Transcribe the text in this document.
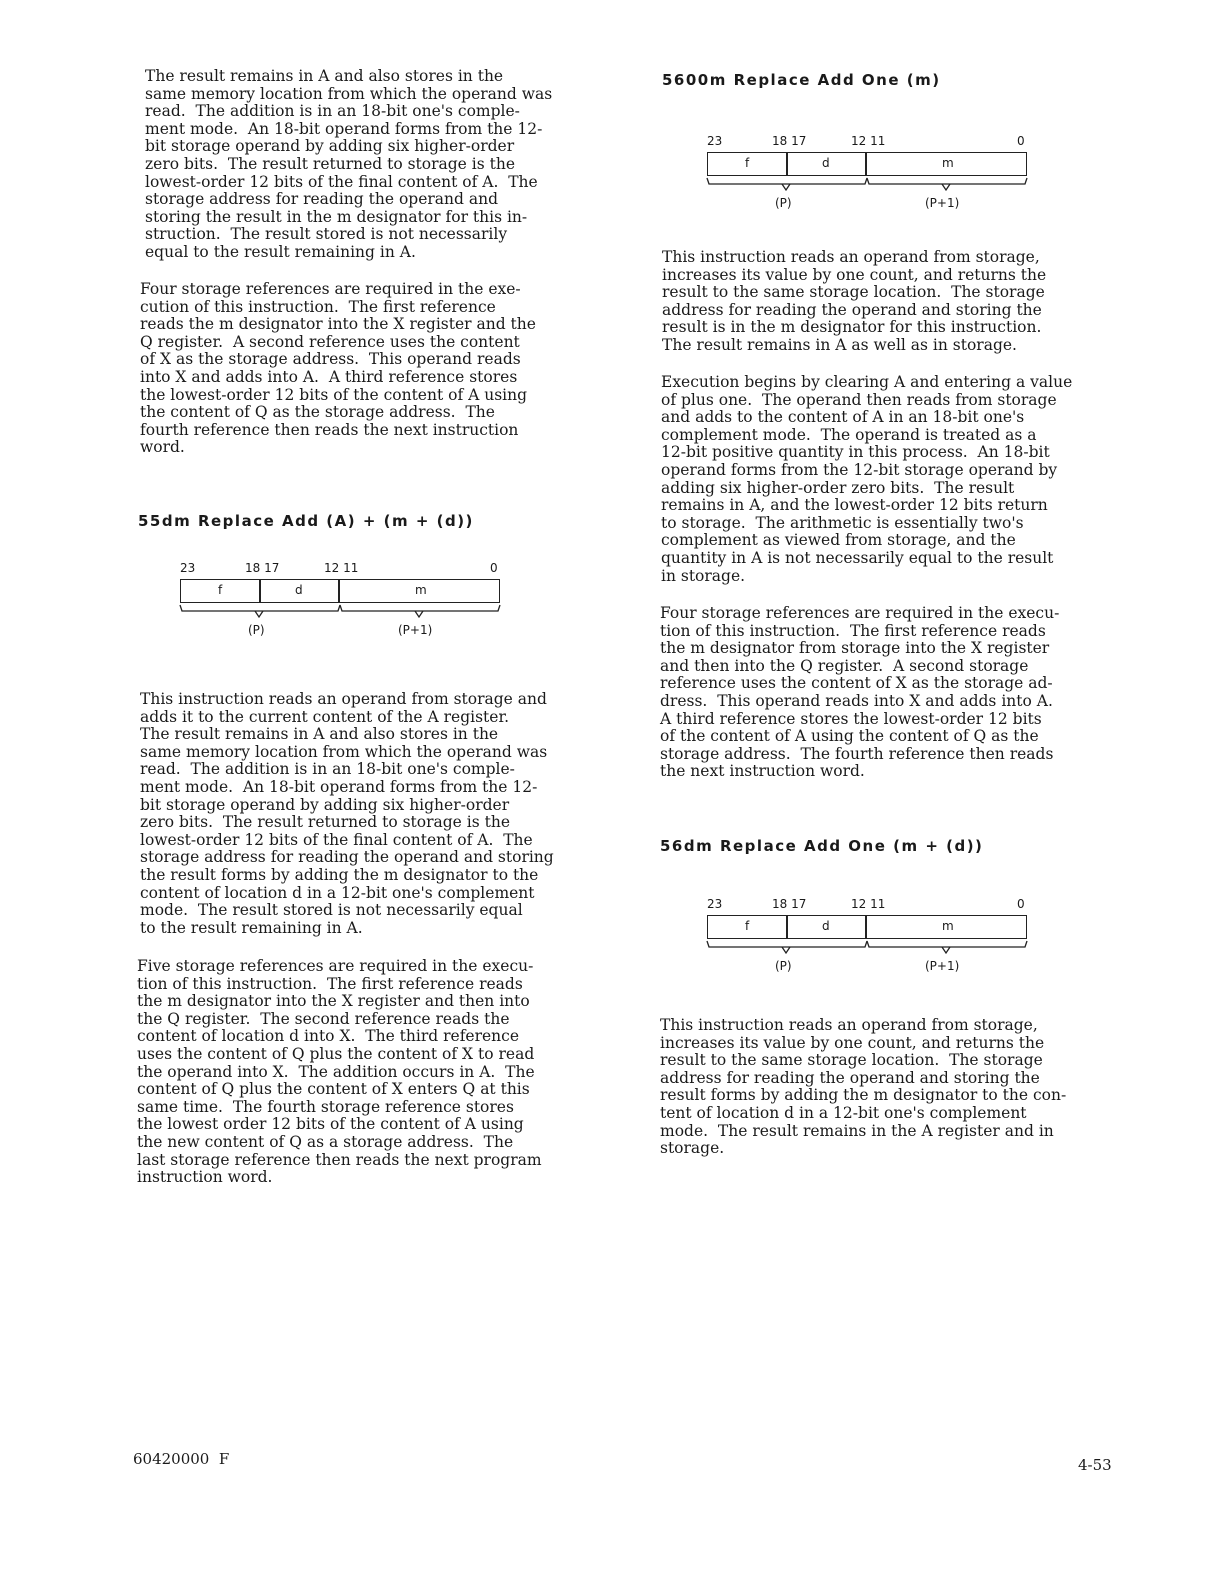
The result remains in A and also stores in the
same memory location from which the operand was
read.  The addition is in an 18-bit one's comple-
ment mode.  An 18-bit operand forms from the 12-
bit storage operand by adding six higher-order
zero bits.  The result returned to storage is the
lowest-order 12 bits of the final content of A.  The
storage address for reading the operand and
storing the result in the m designator for this in-
struction.  The result stored is not necessarily
equal to the result remaining in A.

Four storage references are required in the exe-
cution of this instruction.  The first reference
reads the m designator into the X register and the
Q register.  A second reference uses the content
of X as the storage address.  This operand reads
into X and adds into A.  A third reference stores
the lowest-order 12 bits of the content of A using
the content of Q as the storage address.  The
fourth reference then reads the next instruction
word.

55dm Replace Add (A) + (m + (d))
23	18 17	12 11	0
f	d	m
(P)	(P+1)

This instruction reads an operand from storage and
adds it to the current content of the A register.
The result remains in A and also stores in the
same memory location from which the operand was
read.  The addition is in an 18-bit one's comple-
ment mode.  An 18-bit operand forms from the 12-
bit storage operand by adding six higher-order
zero bits.  The result returned to storage is the
lowest-order 12 bits of the final content of A.  The
storage address for reading the operand and storing
the result forms by adding the m designator to the
content of location d in a 12-bit one's complement
mode.  The result stored is not necessarily equal
to the result remaining in A.

Five storage references are required in the execu-
tion of this instruction.  The first reference reads
the m designator into the X register and then into
the Q register.  The second reference reads the
content of location d into X.  The third reference
uses the content of Q plus the content of X to read
the operand into X.  The addition occurs in A.  The
content of Q plus the content of X enters Q at this
same time.  The fourth storage reference stores
the lowest order 12 bits of the content of A using
the new content of Q as a storage address.  The
last storage reference then reads the next program
instruction word.

5600m Replace Add One (m)
23	18 17	12 11	0
f	d	m
(P)	(P+1)

This instruction reads an operand from storage,
increases its value by one count, and returns the
result to the same storage location.  The storage
address for reading the operand and storing the
result is in the m designator for this instruction.
The result remains in A as well as in storage.

Execution begins by clearing A and entering a value
of plus one.  The operand then reads from storage
and adds to the content of A in an 18-bit one's
complement mode.  The operand is treated as a
12-bit positive quantity in this process.  An 18-bit
operand forms from the 12-bit storage operand by
adding six higher-order zero bits.  The result
remains in A, and the lowest-order 12 bits return
to storage.  The arithmetic is essentially two's
complement as viewed from storage, and the
quantity in A is not necessarily equal to the result
in storage.

Four storage references are required in the execu-
tion of this instruction.  The first reference reads
the m designator from storage into the X register
and then into the Q register.  A second storage
reference uses the content of X as the storage ad-
dress.  This operand reads into X and adds into A.
A third reference stores the lowest-order 12 bits
of the content of A using the content of Q as the
storage address.  The fourth reference then reads
the next instruction word.

56dm Replace Add One (m + (d))
23	18 17	12 11	0
f	d	m
(P)	(P+1)

This instruction reads an operand from storage,
increases its value by one count, and returns the
result to the same storage location.  The storage
address for reading the operand and storing the
result forms by adding the m designator to the con-
tent of location d in a 12-bit one's complement
mode.  The result remains in the A register and in
storage.

60420000  F	4-53
